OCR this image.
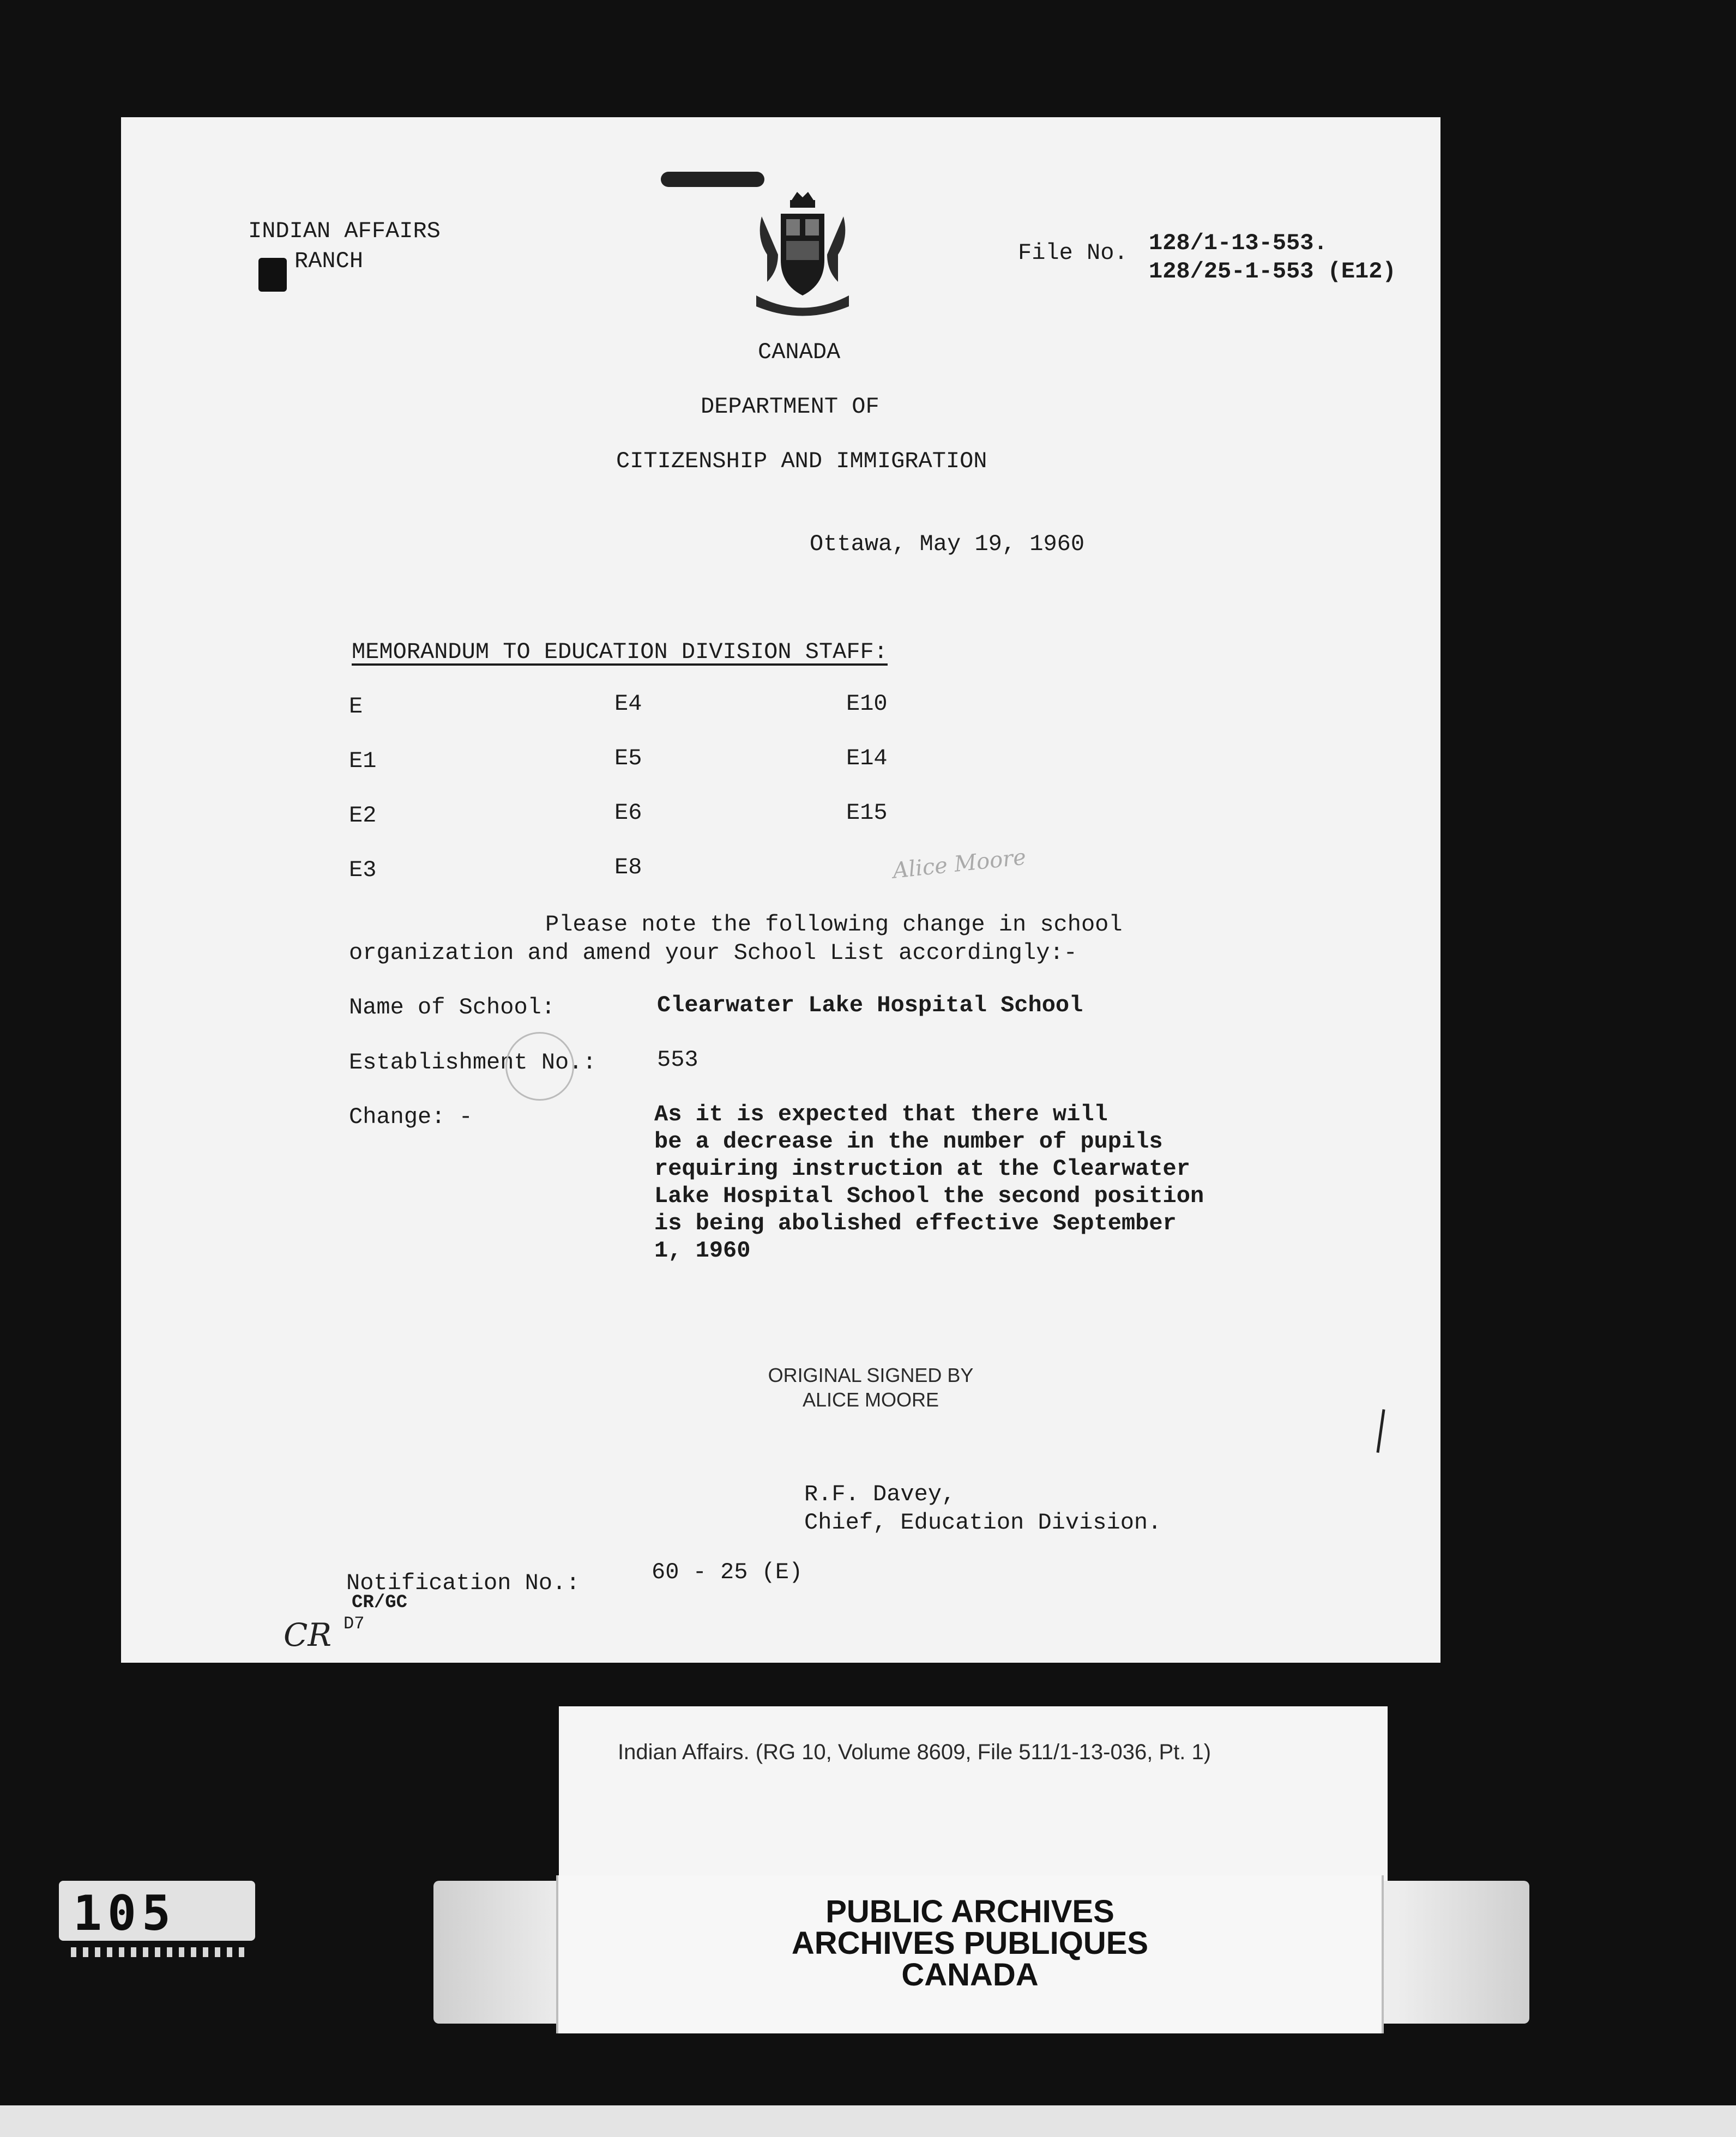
INDIAN AFFAIRS
RANCH	File No. 128/1-13-553.
128/25-1-553 (E12)
CANADA
DEPARTMENT OF
CITIZENSHIP AND IMMIGRATION
Ottawa, May 19, 1960
MEMORANDUM TO EDUCATION DIVISION STAFF:
E	E4	E10
E1	E5	E14
E2	E6	E15
E3	E8	Alice Moore
Please note the following change in school
organization and amend your School List accordingly:-
Name of School:	Clearwater Lake Hospital School
Establishment No.:	553
Change: -	As it is expected that there will
be a decrease in the number of pupils
requiring instruction at the Clearwater
Lake Hospital School the second position
is being abolished effective September
1, 1960
ORIGINAL SIGNED BY
ALICE MOORE
R.F. Davey,
Chief, Education Division.
Notification No.:	60 - 25 (E)
CR/GC
D7
CR
Indian Affairs. (RG 10, Volume 8609, File 511/1-13-036, Pt. 1)
PUBLIC ARCHIVES
ARCHIVES PUBLIQUES
CANADA
105
